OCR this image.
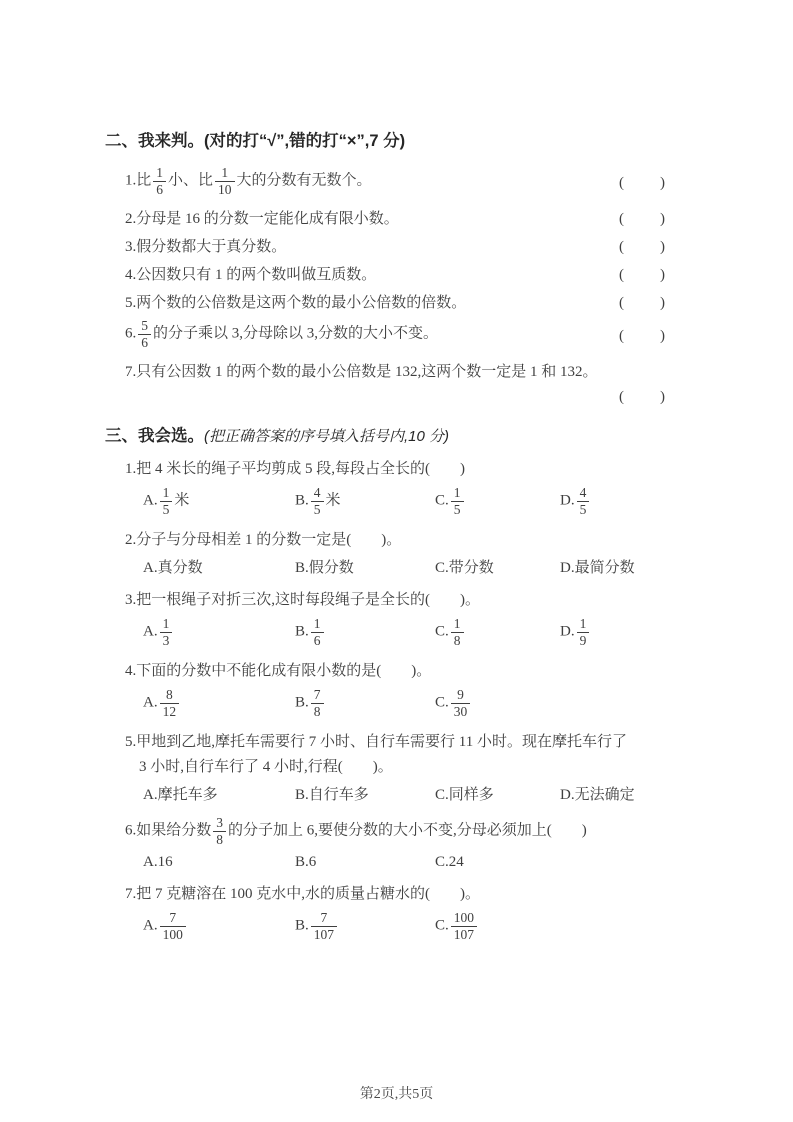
二、我来判。(对的打“√”,错的打“×”,7 分)
1.比 $\frac{1}{6}$ 小、比 $\frac{1}{10}$ 大的分数有无数个。	(　　)
2.分母是 16 的分数一定能化成有限小数。	(　　)
3.假分数都大于真分数。	(　　)
4.公因数只有 1 的两个数叫做互质数。	(　　)
5.两个数的公倍数是这两个数的最小公倍数的倍数。	(　　)
6. $\frac{5}{6}$ 的分子乘以 3,分母除以 3,分数的大小不变。	(　　)
7.只有公因数 1 的两个数的最小公倍数是 132,这两个数一定是 1 和 132。
(　　)
三、我会选。(把正确答案的序号填入括号内,10 分)
1.把 4 米长的绳子平均剪成 5 段,每段占全长的(　　)
A. $\frac{1}{5}$ 米	B. $\frac{4}{5}$ 米	C. $\frac{1}{5}$	D. $\frac{4}{5}$
2.分子与分母相差 1 的分数一定是(　　)。
A.真分数	B.假分数	C.带分数	D.最简分数
3.把一根绳子对折三次,这时每段绳子是全长的(　　)。
A. $\frac{1}{3}$	B. $\frac{1}{6}$	C. $\frac{1}{8}$	D. $\frac{1}{9}$
4.下面的分数中不能化成有限小数的是(　　)。
A. $\frac{8}{12}$	B. $\frac{7}{8}$	C. $\frac{9}{30}$
5.甲地到乙地,摩托车需要行 7 小时、自行车需要行 11 小时。现在摩托车行了
3 小时,自行车行了 4 小时,行程(　　)。
A.摩托车多	B.自行车多	C.同样多	D.无法确定
6.如果给分数 $\frac{3}{8}$ 的分子加上 6,要使分数的大小不变,分母必须加上(　　)
A.16	B.6	C.24
7.把 7 克糖溶在 100 克水中,水的质量占糖水的(　　)。
A. $\frac{7}{100}$	B. $\frac{7}{107}$	C. $\frac{100}{107}$
第2页,共5页
